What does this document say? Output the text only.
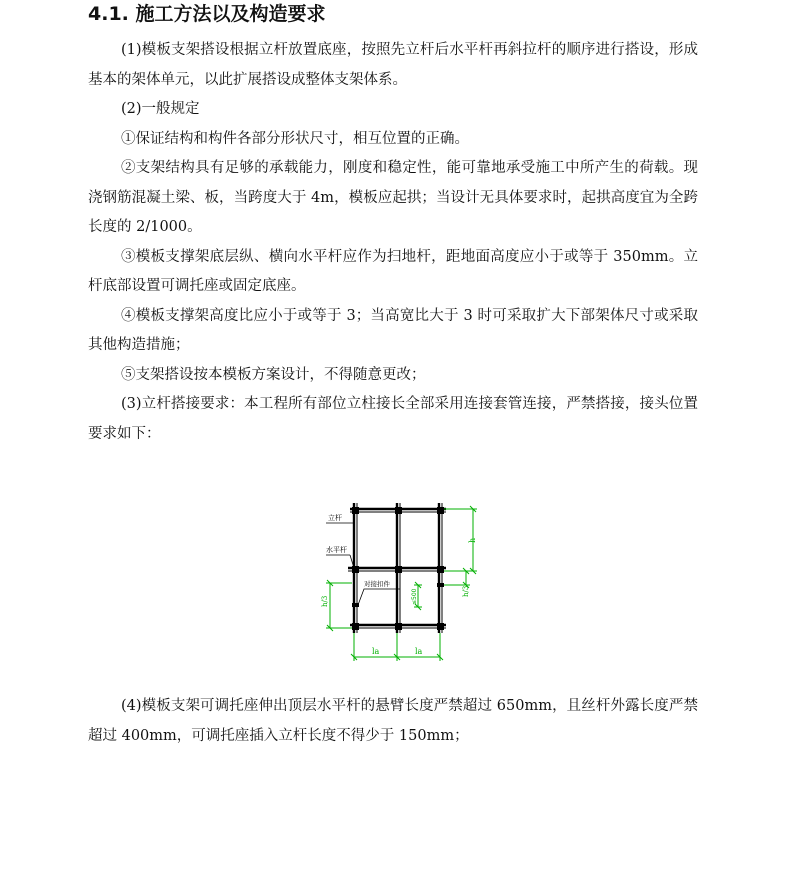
4.1. 施工方法以及构造要求

(1)模板支架搭设根据立杆放置底座，按照先立杆后水平杆再斜拉杆的顺序进行搭设，形成基本的架体单元，以此扩展搭设成整体支架体系。

(2)一般规定

①保证结构和构件各部分形状尺寸，相互位置的正确。

②支架结构具有足够的承载能力，刚度和稳定性，能可靠地承受施工中所产生的荷载。现浇钢筋混凝土梁、板，当跨度大于 4m，模板应起拱；当设计无具体要求时，起拱高度宜为全跨长度的 2/1000。

③模板支撑架底层纵、横向水平杆应作为扫地杆，距地面高度应小于或等于 350mm。立杆底部设置可调托座或固定底座。

④模板支撑架高度比应小于或等于 3；当高宽比大于 3 时可采取扩大下部架体尺寸或采取其他构造措施；

⑤支架搭设按本模板方案设计，不得随意更改；

(3)立杆搭接要求：本工程所有部位立柱接长全部采用连接套管连接，严禁搭接，接头位置要求如下：

立杆
水平杆
对接扣件
h
h/3
≤500
h/3
la	la

(4)模板支架可调托座伸出顶层水平杆的悬臂长度严禁超过 650mm，且丝杆外露长度严禁超过 400mm，可调托座插入立杆长度不得少于 150mm；
